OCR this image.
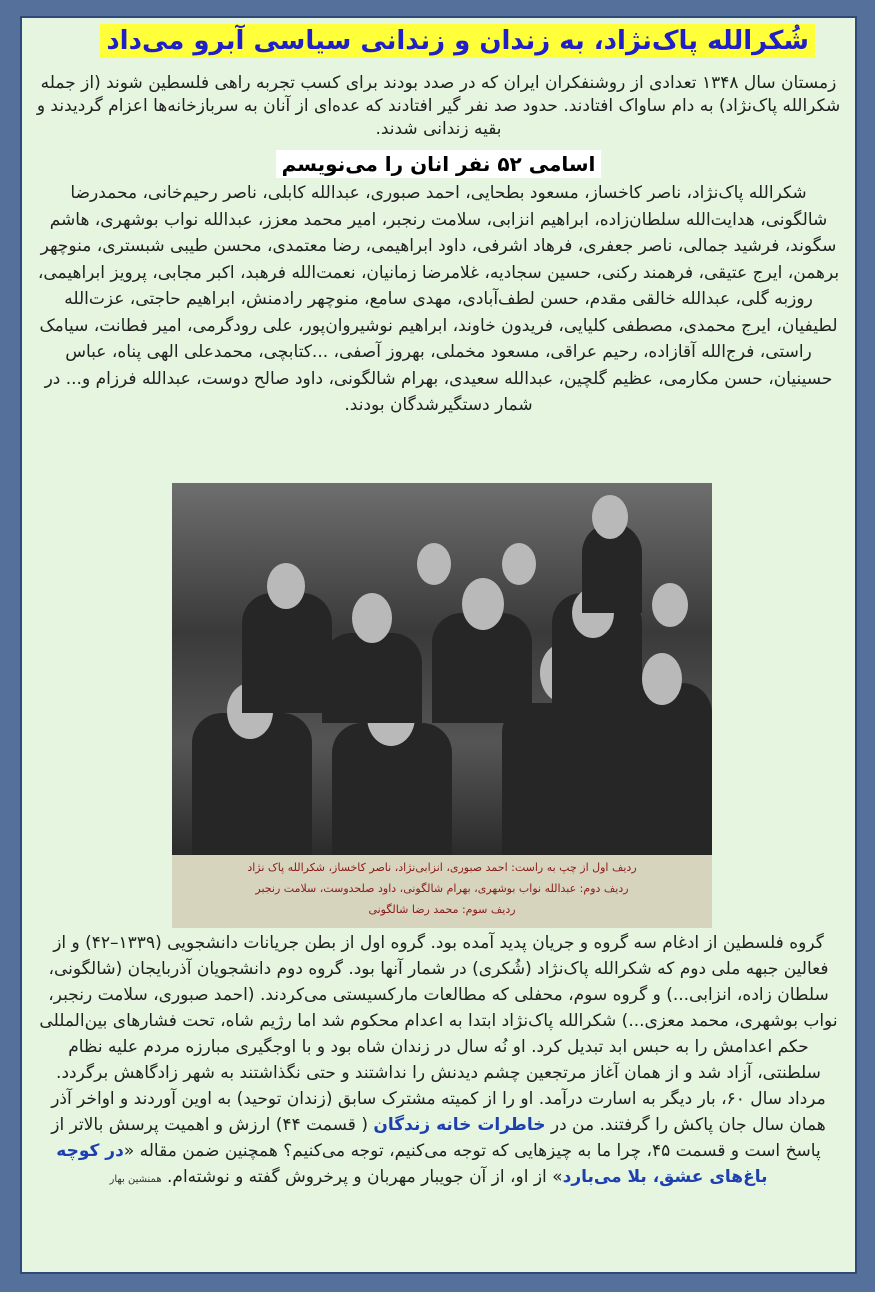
شُکرالله پاک‌نژاد، به زندان و زندانی سیاسی آبرو می‌داد
زمستان سال ۱۳۴۸ تعدادی از روشنفکران ایران که در صدد بودند برای کسب تجربه راهی فلسطین شوند (از جمله شکرالله پاک‌نژاد) به دام ساواک افتادند. حدود صد نفر گیر افتادند که عده‌ای از آنان به سربازخانه‌ها اعزام گردیدند و بقیه زندانی شدند.
اسامی ۵۲ نفر انان را می‌نویسم
شکرالله پاک‌نژاد، ناصر کاخساز، مسعود بطحایی، احمد صبوری، عبدالله کابلی، ناصر رحیم‌خانی، محمدرضا شالگونی، هدایت‌الله سلطان‌زاده، ابراهیم انزابی، سلامت رنجبر، امیر محمد معزز، عبدالله نواب بوشهری، هاشم سگوند، فرشید جمالی، ناصر جعفری، فرهاد اشرفی، داود ابراهیمی، رضا معتمدی، محسن طیبی شبستری، منوچهر برهمن، ایرج عتیقی، فرهمند رکنی، حسین سجادیه، غلامرضا زمانیان، نعمت‌الله فرهبد، اکبر مجابی، پرویز ابراهیمی، روزبه گلی، عبدالله خالقی مقدم، حسن لطف‌آبادی، مهدی سامع، منوچهر رادمنش، ابراهیم حاجتی، عزت‌الله لطیفیان، ایرج محمدی، مصطفی کلیایی، فریدون خاوند، ابراهیم نوشیروان‌پور، علی رودگرمی، امیر فطانت، سیامک راستی، فرج‌الله آقازاده، رحیم عراقی، مسعود مخملی، بهروز آصفی، ...کتابچی، محمدعلی الهی پناه، عباس حسینیان، حسن مکارمی، عظیم گلچین، عبدالله سعیدی، بهرام شالگونی، داود صالح دوست، عبدالله فرزام و... در شمار دستگیرشدگان بودند.
ردیف اول از چپ به راست: احمد صبوری، انزابی‌نژاد، ناصر کاخساز، شکرالله پاک نژاد
ردیف دوم: عبدالله نواب بوشهری، بهرام شالگونی، داود صلحدوست، سلامت رنجبر
ردیف سوم: محمد رضا شالگونی
گروه فلسطین از ادغام سه گروه و جریان پدید آمده بود. گروه اول از بطن جریانات دانشجویی (۱۳۳۹–۴۲) و از فعالین جبهه ملی دوم که شکرالله پاک‌نژاد (شُکری) در شمار آنها بود. گروه دوم دانشجویان آذربایجان (شالگونی، سلطان زاده، انزابی...) و گروه سوم، محفلی که مطالعات مارکسیستی می‌کردند. (احمد صبوری، سلامت رنجبر، نواب بوشهری، محمد معزی...) شکرالله پاک‌نژاد ابتدا به اعدام محکوم شد اما رژیم شاه، تحت فشارهای بین‌المللی حکم اعدامش را به حبس ابد تبدیل کرد. او نُه سال در زندان شاه بود و با اوجگیری مبارزه مردم علیه نظام سلطنتی، آزاد شد و از همان آغاز مرتجعین چشم دیدنش را نداشتند و حتی نگذاشتند به شهر زادگاهش برگردد. مرداد سال ۶۰، بار دیگر به اسارت درآمد. او را از کمیته مشترک سابق (زندان توحید) به اوین آوردند و اواخر آذر همان سال جان پاکش را گرفتند. من در خاطرات خانه زندگان ( قسمت ۴۴) ارزش و اهمیت پرسش بالاتر از پاسخ است و قسمت ۴۵، چرا ما به چیزهایی که توجه می‌کنیم، توجه می‌کنیم؟ همچنین ضمن مقاله «در کوچه باغ‌های عشق، بلا می‌بارد» از او، از آن جویبار مهربان و پرخروش گفته و نوشته‌ام. همنشین بهار
